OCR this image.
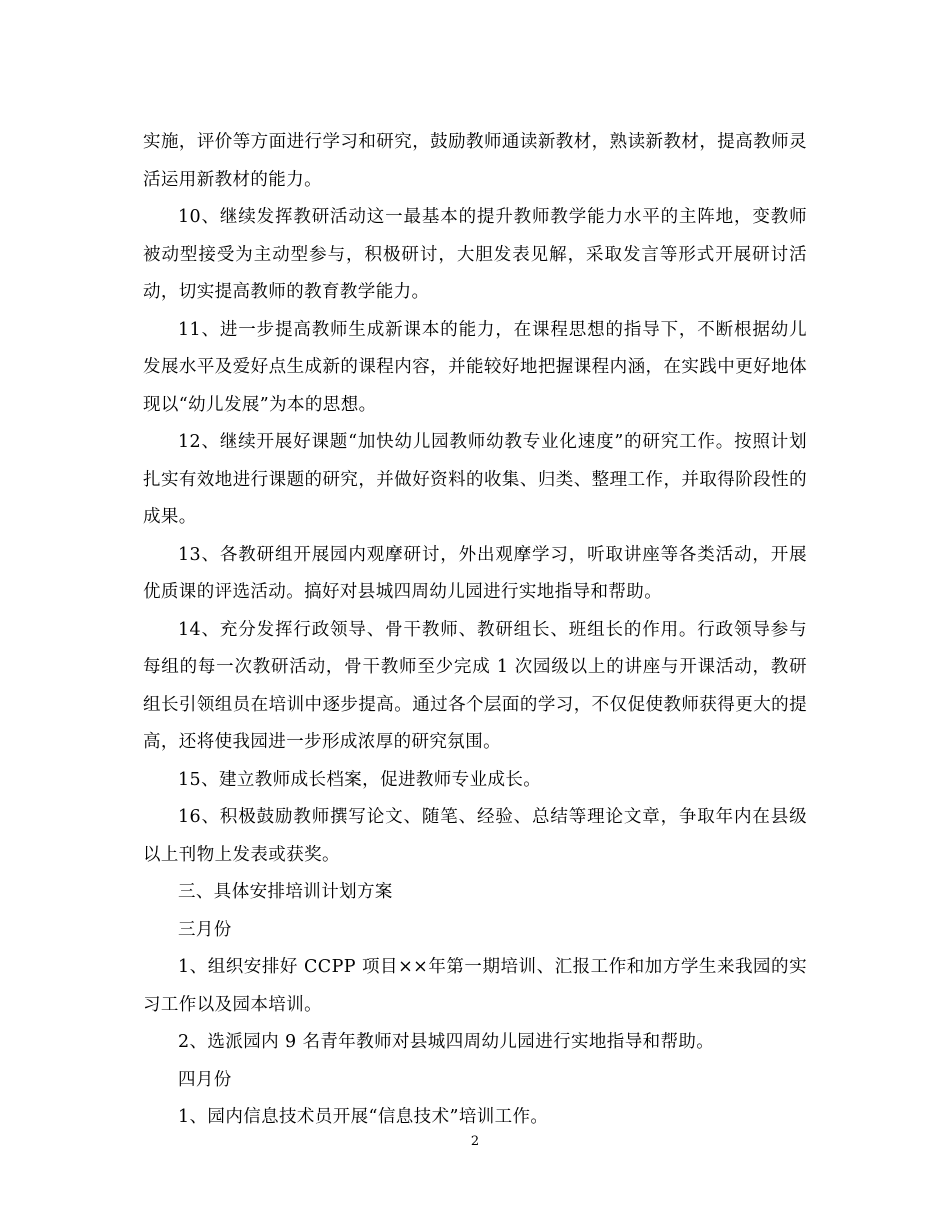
实施，评价等方面进行学习和研究，鼓励教师通读新教材，熟读新教材，提高教师灵活运用新教材的能力。

10、继续发挥教研活动这一最基本的提升教师教学能力水平的主阵地，变教师被动型接受为主动型参与，积极研讨，大胆发表见解，采取发言等形式开展研讨活动，切实提高教师的教育教学能力。

11、进一步提高教师生成新课本的能力，在课程思想的指导下，不断根据幼儿发展水平及爱好点生成新的课程内容，并能较好地把握课程内涵，在实践中更好地体现以“幼儿发展”为本的思想。

12、继续开展好课题“加快幼儿园教师幼教专业化速度”的研究工作。按照计划扎实有效地进行课题的研究，并做好资料的收集、归类、整理工作，并取得阶段性的成果。

13、各教研组开展园内观摩研讨，外出观摩学习，听取讲座等各类活动，开展优质课的评选活动。搞好对县城四周幼儿园进行实地指导和帮助。

14、充分发挥行政领导、骨干教师、教研组长、班组长的作用。行政领导参与每组的每一次教研活动，骨干教师至少完成 1 次园级以上的讲座与开课活动，教研组长引领组员在培训中逐步提高。通过各个层面的学习，不仅促使教师获得更大的提高，还将使我园进一步形成浓厚的研究氛围。

15、建立教师成长档案，促进教师专业成长。

16、积极鼓励教师撰写论文、随笔、经验、总结等理论文章，争取年内在县级以上刊物上发表或获奖。

三、具体安排培训计划方案

三月份

1、组织安排好 CCPP 项目××年第一期培训、汇报工作和加方学生来我园的实习工作以及园本培训。

2、选派园内 9 名青年教师对县城四周幼儿园进行实地指导和帮助。

四月份

1、园内信息技术员开展“信息技术”培训工作。

2
